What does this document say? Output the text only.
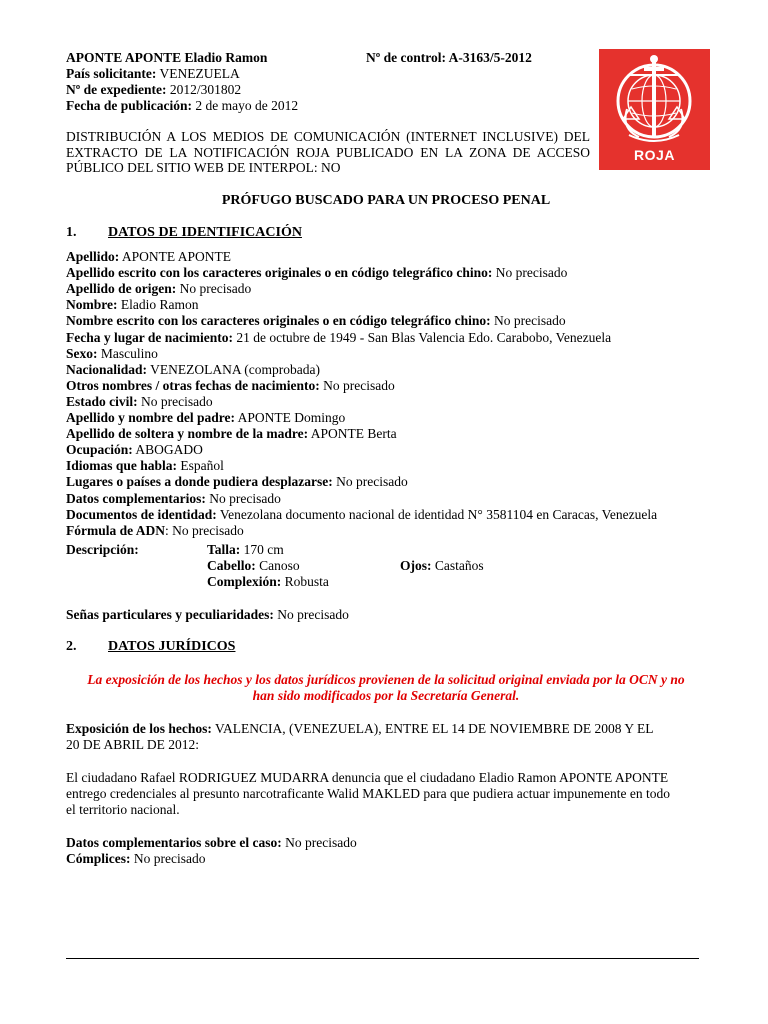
APONTE APONTE Eladio Ramon	Nº de control: A-3163/5-2012
País solicitante: VENEZUELA
Nº de expediente: 2012/301802
Fecha de publicación: 2 de mayo de 2012
ROJA
DISTRIBUCIÓN A LOS MEDIOS DE COMUNICACIÓN (INTERNET INCLUSIVE) DEL
EXTRACTO DE LA NOTIFICACIÓN ROJA PUBLICADO EN LA ZONA DE ACCESO
PÚBLICO DEL SITIO WEB DE INTERPOL: NO
PRÓFUGO BUSCADO PARA UN PROCESO PENAL
1. DATOS DE IDENTIFICACIÓN
Apellido: APONTE APONTE
Apellido escrito con los caracteres originales o en código telegráfico chino: No precisado
Apellido de origen: No precisado
Nombre: Eladio Ramon
Nombre escrito con los caracteres originales o en código telegráfico chino: No precisado
Fecha y lugar de nacimiento: 21 de octubre de 1949 - San Blas Valencia Edo. Carabobo, Venezuela
Sexo: Masculino
Nacionalidad: VENEZOLANA (comprobada)
Otros nombres / otras fechas de nacimiento: No precisado
Estado civil: No precisado
Apellido y nombre del padre: APONTE Domingo
Apellido de soltera y nombre de la madre: APONTE Berta
Ocupación: ABOGADO
Idiomas que habla: Español
Lugares o países a donde pudiera desplazarse: No precisado
Datos complementarios: No precisado
Documentos de identidad: Venezolana documento nacional de identidad N° 3581104 en Caracas, Venezuela
Fórmula de ADN: No precisado
Descripción:	Talla: 170 cm
Cabello: Canoso	Ojos: Castaños
Complexión: Robusta
Señas particulares y peculiaridades: No precisado
2. DATOS JURÍDICOS
La exposición de los hechos y los datos jurídicos provienen de la solicitud original enviada por la OCN y no
han sido modificados por la Secretaría General.
Exposición de los hechos: VALENCIA, (VENEZUELA), ENTRE EL 14 DE NOVIEMBRE DE 2008 Y EL
20 DE ABRIL DE 2012:
El ciudadano Rafael RODRIGUEZ MUDARRA denuncia que el ciudadano Eladio Ramon APONTE APONTE
entrego credenciales al presunto narcotraficante Walid MAKLED para que pudiera actuar impunemente en todo
el territorio nacional.
Datos complementarios sobre el caso: No precisado
Cómplices: No precisado
